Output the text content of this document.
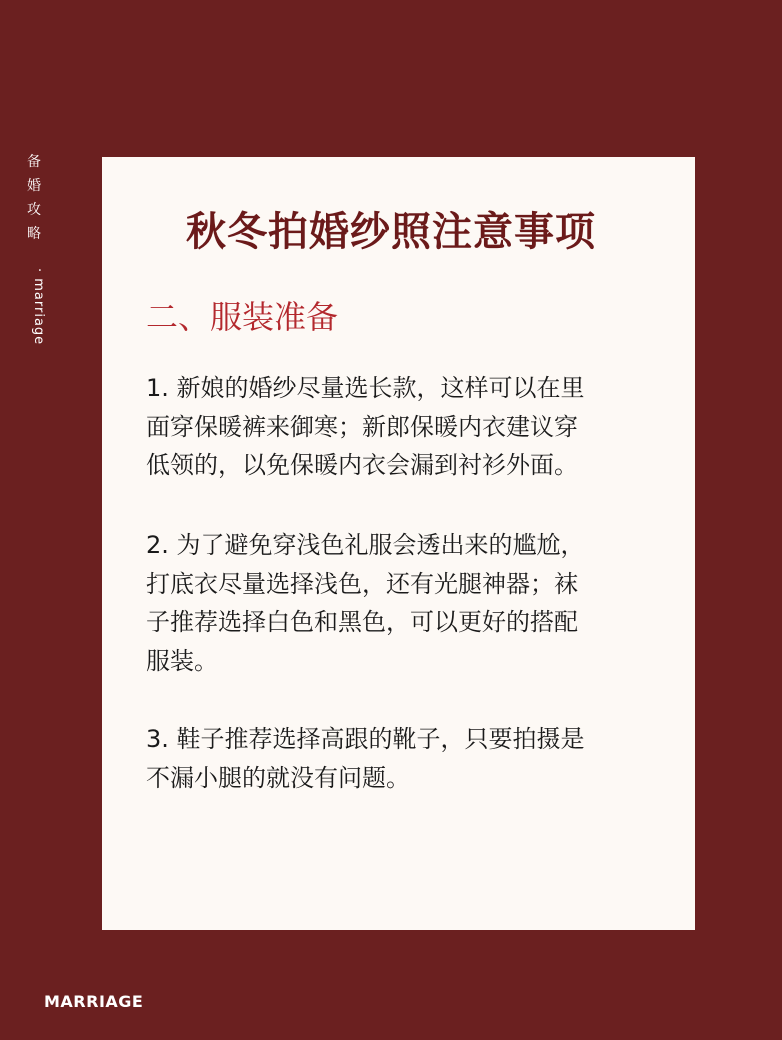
备
婚
攻
略
· marriage
秋冬拍婚纱照注意事项
二、服装准备
1. 新娘的婚纱尽量选长款，这样可以在里
面穿保暖裤来御寒；新郎保暖内衣建议穿
低领的，以免保暖内衣会漏到衬衫外面。
2. 为了避免穿浅色礼服会透出来的尴尬，
打底衣尽量选择浅色，还有光腿神器；袜
子推荐选择白色和黑色，可以更好的搭配
服装。
3. 鞋子推荐选择高跟的靴子，只要拍摄是
不漏小腿的就没有问题。
MARRIAGE
